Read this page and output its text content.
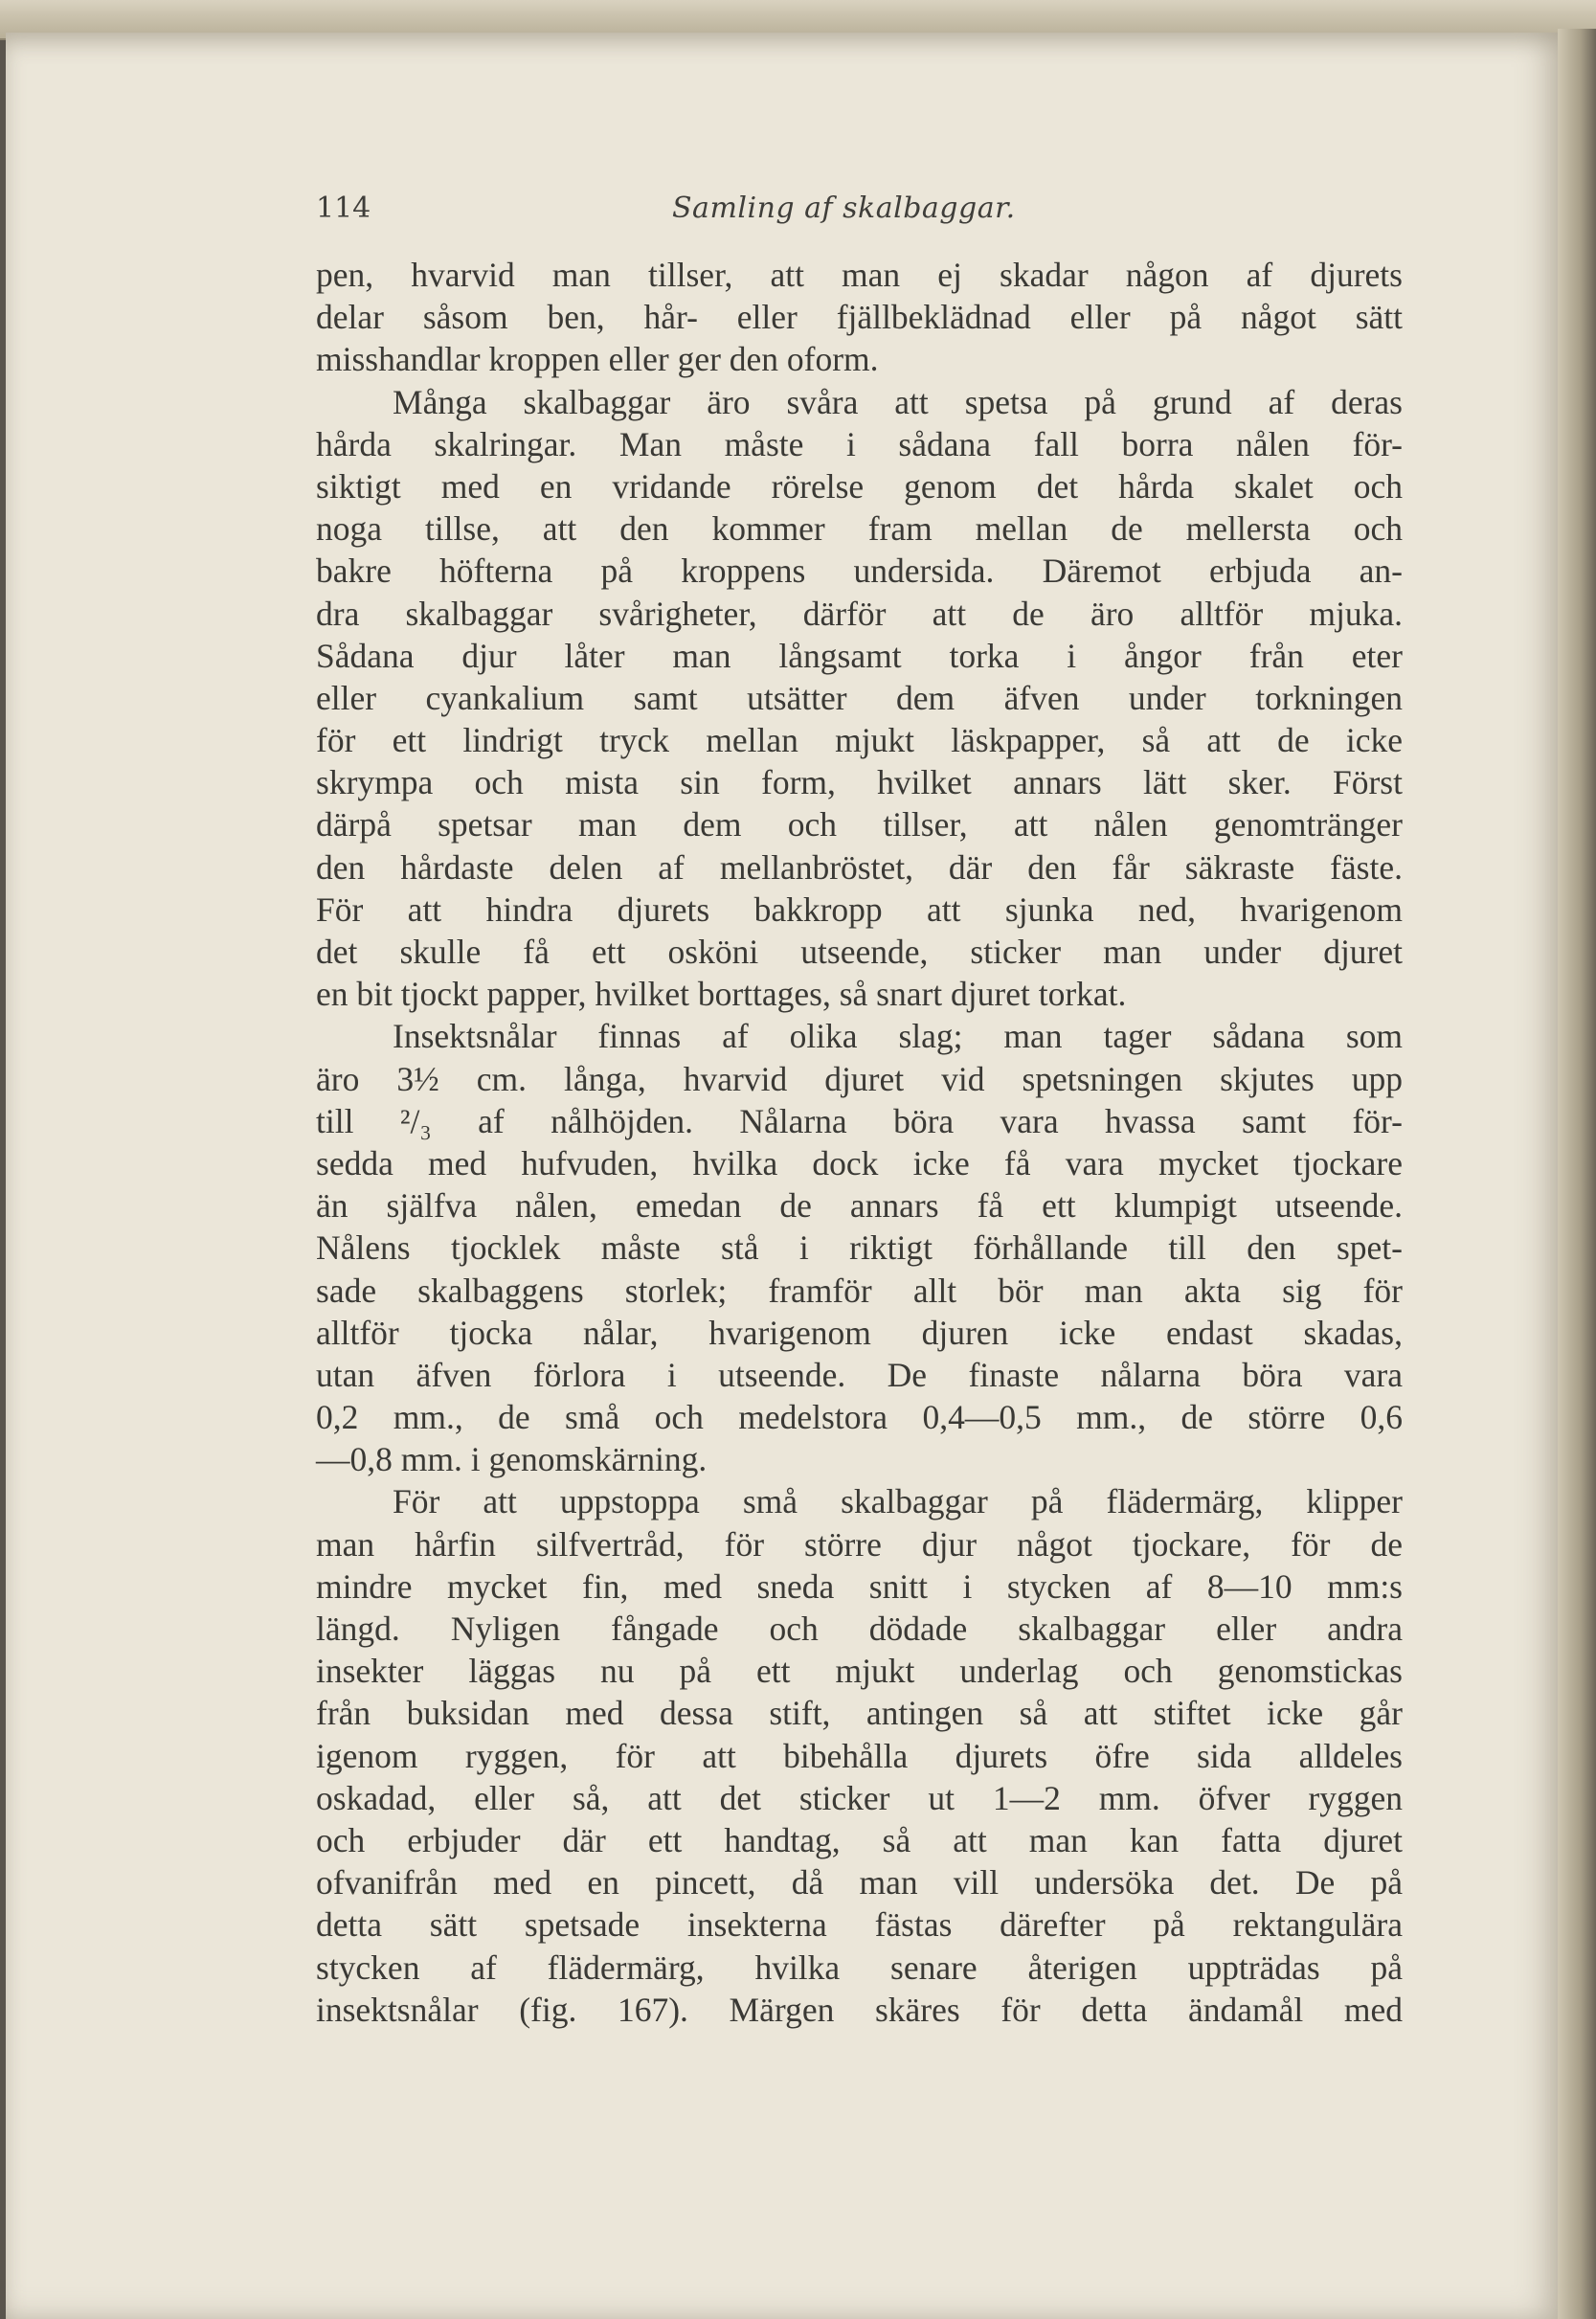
114	Samling af skalbaggar.
pen, hvarvid man tillser, att man ej skadar någon af djurets
delar såsom ben, hår- eller fjällbeklädnad eller på något sätt
misshandlar kroppen eller ger den oform.
Många skalbaggar äro svåra att spetsa på grund af deras
hårda skalringar. Man måste i sådana fall borra nålen för-
siktigt med en vridande rörelse genom det hårda skalet och
noga tillse, att den kommer fram mellan de mellersta och
bakre höfterna på kroppens undersida. Däremot erbjuda an-
dra skalbaggar svårigheter, därför att de äro alltför mjuka.
Sådana djur låter man långsamt torka i ångor från eter
eller cyankalium samt utsätter dem äfven under torkningen
för ett lindrigt tryck mellan mjukt läskpapper, så att de icke
skrympa och mista sin form, hvilket annars lätt sker. Först
därpå spetsar man dem och tillser, att nålen genomtränger
den hårdaste delen af mellanbröstet, där den får säkraste fäste.
För att hindra djurets bakkropp att sjunka ned, hvarigenom
det skulle få ett osköni utseende, sticker man under djuret
en bit tjockt papper, hvilket borttages, så snart djuret torkat.
Insektsnålar finnas af olika slag; man tager sådana som
äro 3½ cm. långa, hvarvid djuret vid spetsningen skjutes upp
till ²/₃ af nålhöjden. Nålarna böra vara hvassa samt för-
sedda med hufvuden, hvilka dock icke få vara mycket tjockare
än själfva nålen, emedan de annars få ett klumpigt utseende.
Nålens tjocklek måste stå i riktigt förhållande till den spet-
sade skalbaggens storlek; framför allt bör man akta sig för
alltför tjocka nålar, hvarigenom djuren icke endast skadas,
utan äfven förlora i utseende. De finaste nålarna böra vara
0,2 mm., de små och medelstora 0,4—0,5 mm., de större 0,6
—0,8 mm. i genomskärning.
För att uppstoppa små skalbaggar på flädermärg, klipper
man hårfin silfvertråd, för större djur något tjockare, för de
mindre mycket fin, med sneda snitt i stycken af 8—10 mm:s
längd. Nyligen fångade och dödade skalbaggar eller andra
insekter läggas nu på ett mjukt underlag och genomstickas
från buksidan med dessa stift, antingen så att stiftet icke går
igenom ryggen, för att bibehålla djurets öfre sida alldeles
oskadad, eller så, att det sticker ut 1—2 mm. öfver ryggen
och erbjuder där ett handtag, så att man kan fatta djuret
ofvanifrån med en pincett, då man vill undersöka det. De på
detta sätt spetsade insekterna fästas därefter på rektangulära
stycken af flädermärg, hvilka senare återigen uppträdas på
insektsnålar (fig. 167). Märgen skäres för detta ändamål med
